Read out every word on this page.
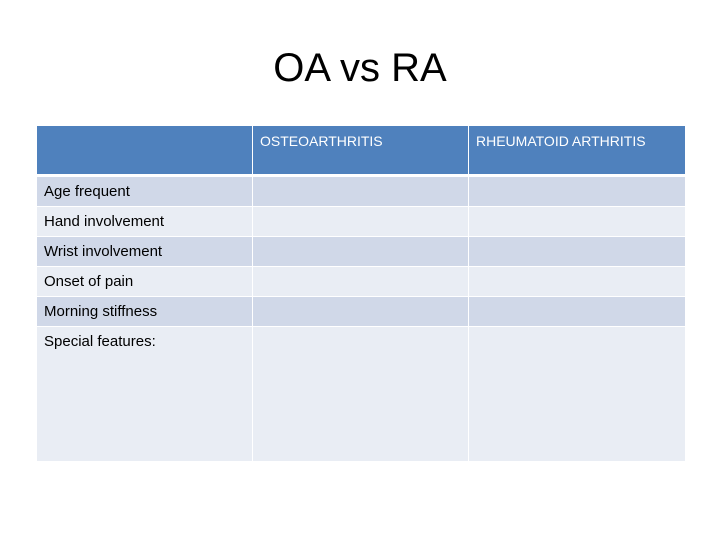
OA vs RA
	OSTEOARTHRITIS	RHEUMATOID ARTHRITIS
Age frequent		
Hand involvement		
Wrist involvement		
Onset of pain		
Morning stiffness		
Special features:		
